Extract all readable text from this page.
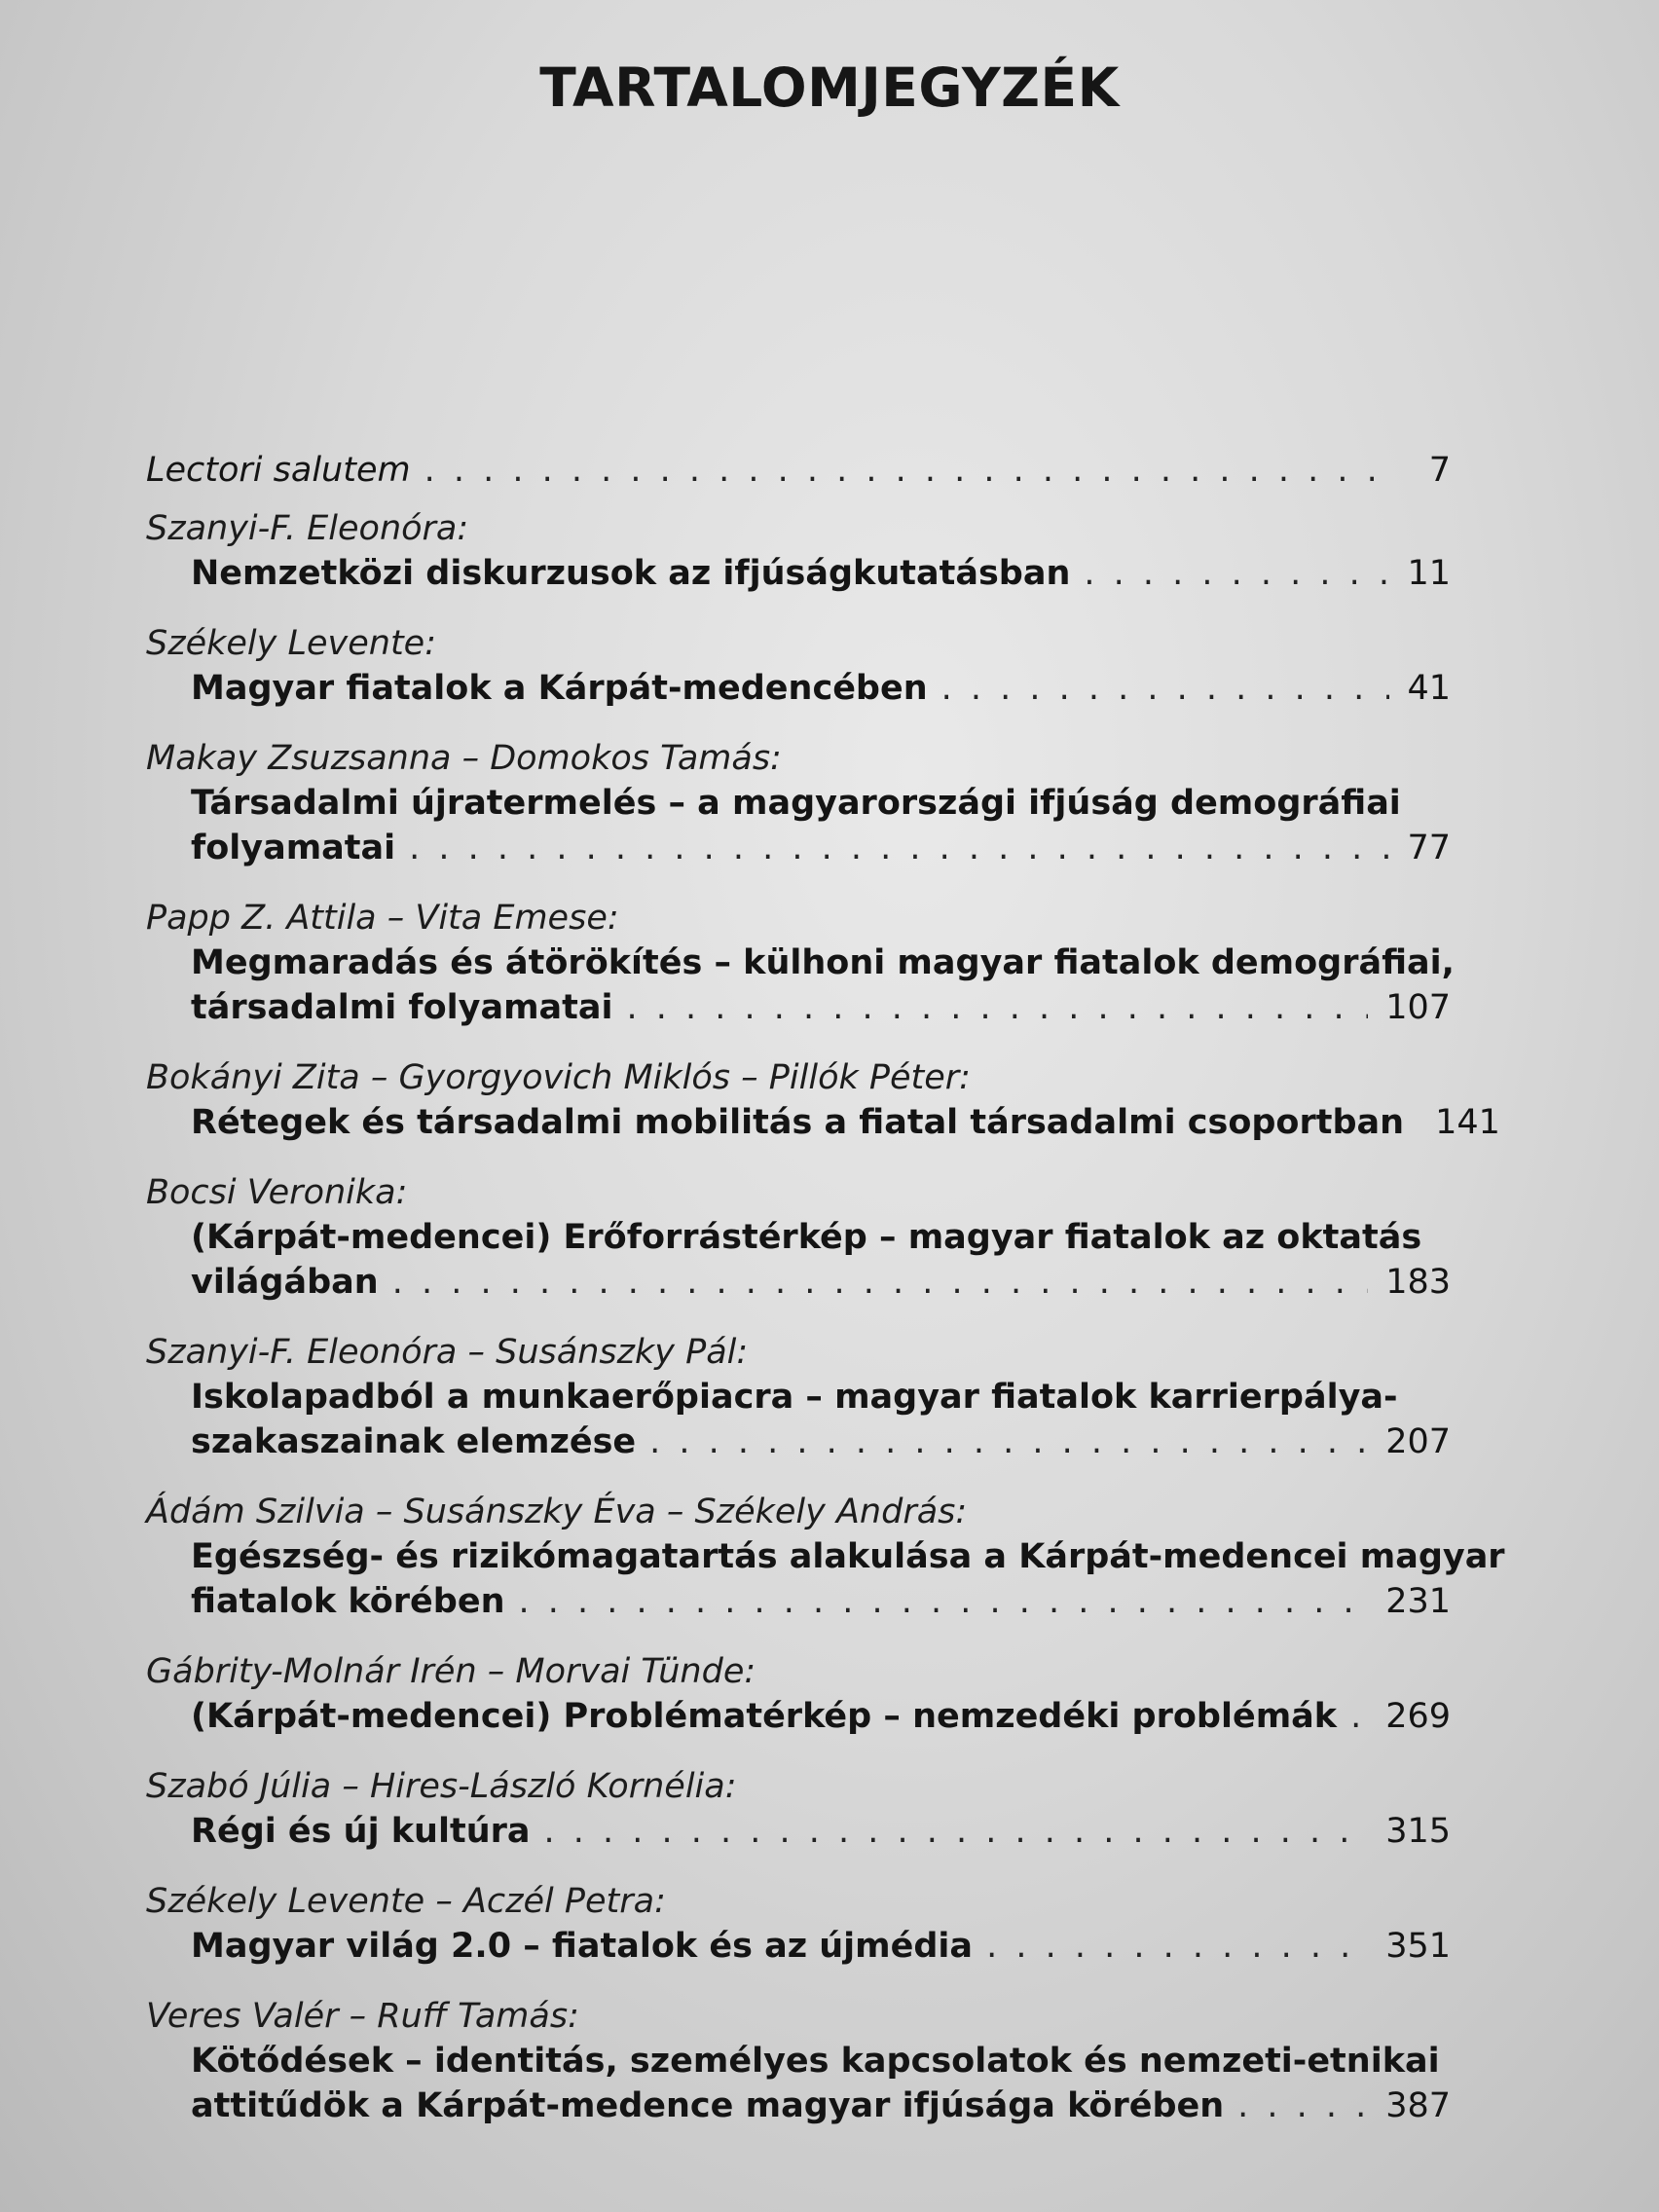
TARTALOMJEGYZÉK
Lectori salutem . . .	7
Szanyi-F. Eleonóra:
Nemzetközi diskurzusok az ifjúságkutatásban . . .	11
Székely Levente:
Magyar fiatalok a Kárpát-medencében . . .	41
Makay Zsuzsanna – Domokos Tamás:
Társadalmi újratermelés – a magyarországi ifjúság demográfiai
folyamatai . . .	77
Papp Z. Attila – Vita Emese:
Megmaradás és átörökítés – külhoni magyar fiatalok demográfiai,
társadalmi folyamatai . . .	107
Bokányi Zita – Gyorgyovich Miklós – Pillók Péter:
Rétegek és társadalmi mobilitás a fiatal társadalmi csoportban 141
Bocsi Veronika:
(Kárpát-medencei) Erőforrástérkép – magyar fiatalok az oktatás
világában . . .	183
Szanyi-F. Eleonóra – Susánszky Pál:
Iskolapadból a munkaerőpiacra – magyar fiatalok karrierpálya-
szakaszainak elemzése . . .	207
Ádám Szilvia – Susánszky Éva – Székely András:
Egészség- és rizikómagatartás alakulása a Kárpát-medencei magyar
fiatalok körében . . .	231
Gábrity-Molnár Irén – Morvai Tünde:
(Kárpát-medencei) Problématérkép – nemzedéki problémák . . . 269
Szabó Júlia – Hires-László Kornélia:
Régi és új kultúra . . .	315
Székely Levente – Aczél Petra:
Magyar világ 2.0 – fiatalok és az újmédia . . .	351
Veres Valér – Ruff Tamás:
Kötődések – identitás, személyes kapcsolatok és nemzeti-etnikai
attitűdök a Kárpát-medence magyar ifjúsága körében . . .	387
